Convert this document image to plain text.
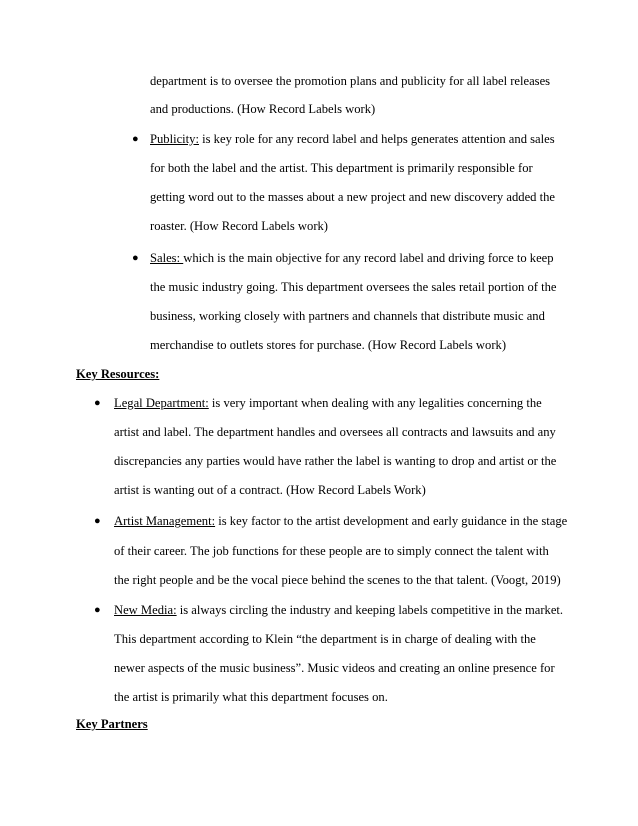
department is to oversee the promotion plans and publicity for all label releases
and productions. (How Record Labels work)
● Publicity: is key role for any record label and helps generates attention and sales
for both the label and the artist. This department is primarily responsible for
getting word out to the masses about a new project and new discovery added the
roaster. (How Record Labels work)
● Sales: which is the main objective for any record label and driving force to keep
the music industry going. This department oversees the sales retail portion of the
business, working closely with partners and channels that distribute music and
merchandise to outlets stores for purchase. (How Record Labels work)
Key Resources:
● Legal Department: is very important when dealing with any legalities concerning the
artist and label. The department handles and oversees all contracts and lawsuits and any
discrepancies any parties would have rather the label is wanting to drop and artist or the
artist is wanting out of a contract. (How Record Labels Work)
● Artist Management: is key factor to the artist development and early guidance in the stage
of their career. The job functions for these people are to simply connect the talent with
the right people and be the vocal piece behind the scenes to the that talent. (Voogt, 2019)
● New Media: is always circling the industry and keeping labels competitive in the market.
This department according to Klein “the department is in charge of dealing with the
newer aspects of the music business”. Music videos and creating an online presence for
the artist is primarily what this department focuses on.
Key Partners
